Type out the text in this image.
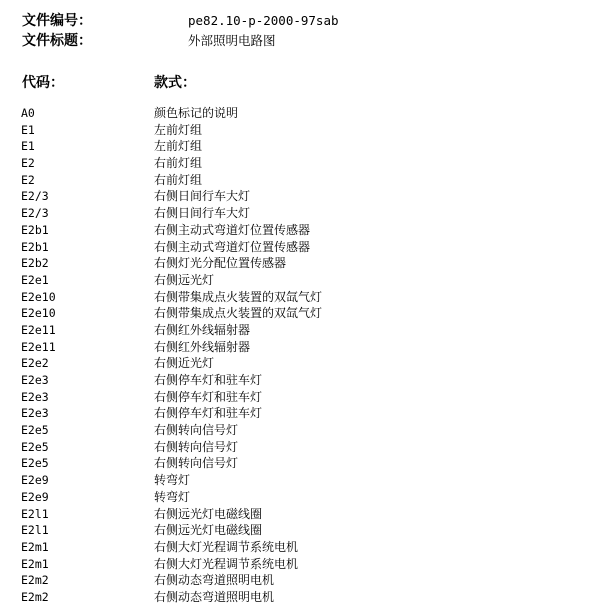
文件编号：	pe82.10-p-2000-97sab
文件标题：	外部照明电路图
代码：	款式：
A0	颜色标记的说明
E1	左前灯组
E1	左前灯组
E2	右前灯组
E2	右前灯组
E2/3	右侧日间行车大灯
E2/3	右侧日间行车大灯
E2b1	右侧主动式弯道灯位置传感器
E2b1	右侧主动式弯道灯位置传感器
E2b2	右侧灯光分配位置传感器
E2e1	右侧远光灯
E2e10	右侧带集成点火装置的双氙气灯
E2e10	右侧带集成点火装置的双氙气灯
E2e11	右侧红外线辐射器
E2e11	右侧红外线辐射器
E2e2	右侧近光灯
E2e3	右侧停车灯和驻车灯
E2e3	右侧停车灯和驻车灯
E2e3	右侧停车灯和驻车灯
E2e5	右侧转向信号灯
E2e5	右侧转向信号灯
E2e5	右侧转向信号灯
E2e9	转弯灯
E2e9	转弯灯
E2l1	右侧远光灯电磁线圈
E2l1	右侧远光灯电磁线圈
E2m1	右侧大灯光程调节系统电机
E2m1	右侧大灯光程调节系统电机
E2m2	右侧动态弯道照明电机
E2m2	右侧动态弯道照明电机
